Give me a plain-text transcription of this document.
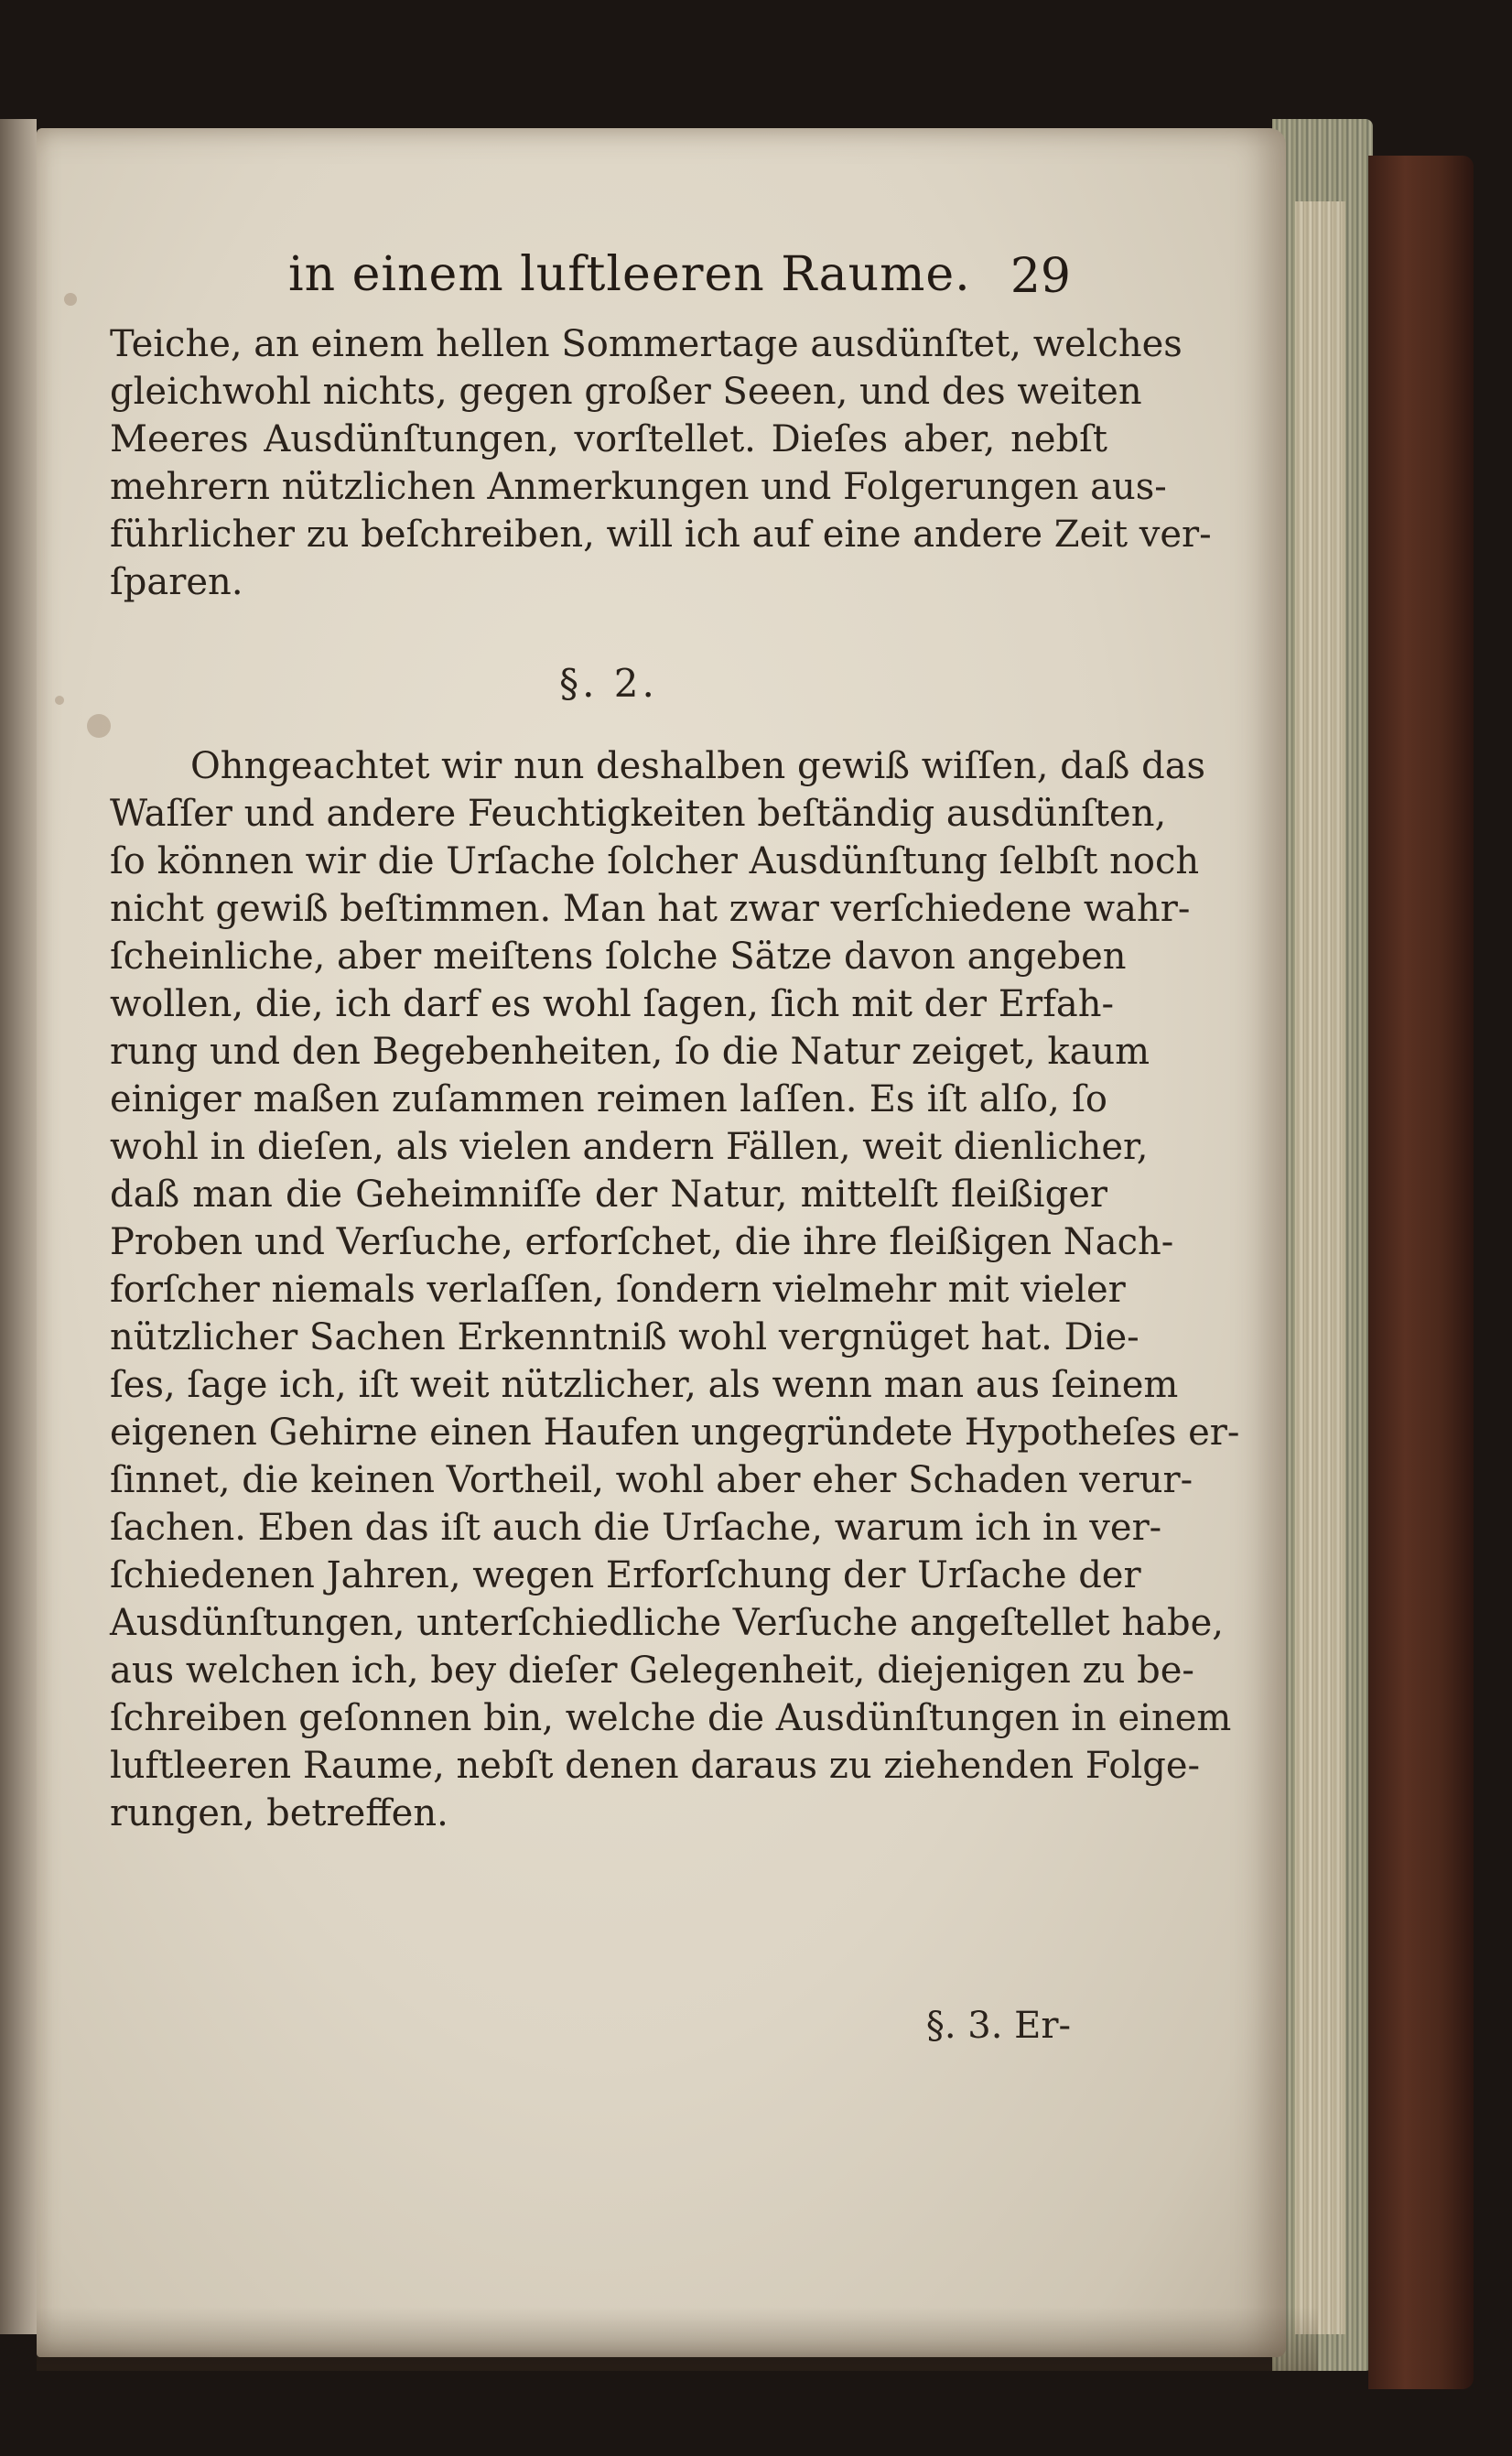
in einem luftleeren Raume. 29
Teiche, an einem hellen Sommertage ausdünſtet, welches
gleichwohl nichts, gegen großer Seeen, und des weiten
Meeres Ausdünſtungen, vorſtellet. Dieſes aber, nebſt
mehrern nützlichen Anmerkungen und Folgerungen aus-
führlicher zu beſchreiben, will ich auf eine andere Zeit ver-
ſparen.
§. 2.
Ohngeachtet wir nun deshalben gewiß wiſſen, daß das
Waſſer und andere Feuchtigkeiten beſtändig ausdünſten,
ſo können wir die Urſache ſolcher Ausdünſtung ſelbſt noch
nicht gewiß beſtimmen. Man hat zwar verſchiedene wahr-
ſcheinliche, aber meiſtens ſolche Sätze davon angeben
wollen, die, ich darf es wohl ſagen, ſich mit der Erfah-
rung und den Begebenheiten, ſo die Natur zeiget, kaum
einiger maßen zuſammen reimen laſſen. Es iſt alſo, ſo
wohl in dieſen, als vielen andern Fällen, weit dienlicher,
daß man die Geheimniſſe der Natur, mittelſt fleißiger
Proben und Verſuche, erforſchet, die ihre fleißigen Nach-
forſcher niemals verlaſſen, ſondern vielmehr mit vieler
nützlicher Sachen Erkenntniß wohl vergnüget hat. Die-
ſes, ſage ich, iſt weit nützlicher, als wenn man aus ſeinem
eigenen Gehirne einen Haufen ungegründete Hypotheſes er-
ſinnet, die keinen Vortheil, wohl aber eher Schaden verur-
ſachen. Eben das iſt auch die Urſache, warum ich in ver-
ſchiedenen Jahren, wegen Erforſchung der Urſache der
Ausdünſtungen, unterſchiedliche Verſuche angeſtellet habe,
aus welchen ich, bey dieſer Gelegenheit, diejenigen zu be-
ſchreiben geſonnen bin, welche die Ausdünſtungen in einem
luftleeren Raume, nebſt denen daraus zu ziehenden Folge-
rungen, betreffen.
§. 3. Er-
